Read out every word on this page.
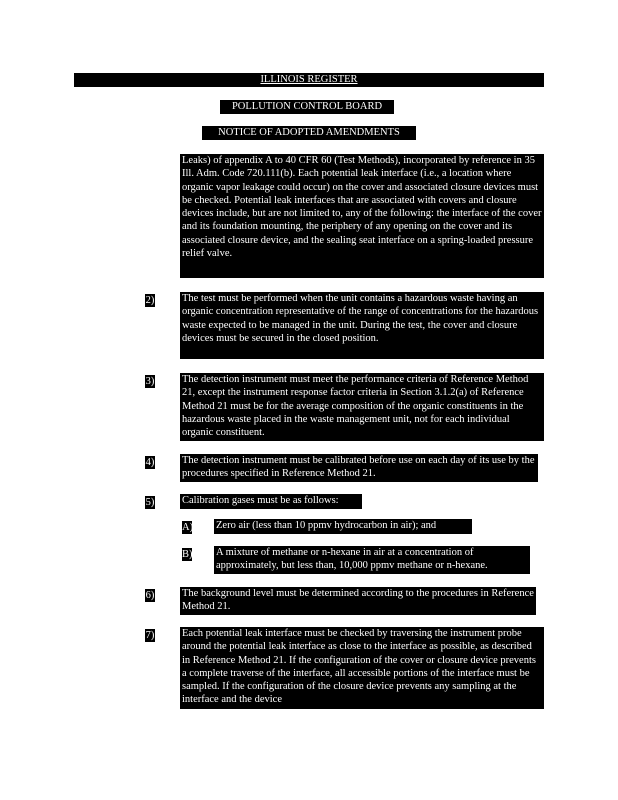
ILLINOIS REGISTER
POLLUTION CONTROL BOARD
NOTICE OF ADOPTED AMENDMENTS
Leaks) of appendix A to 40 CFR 60 (Test Methods), incorporated by reference in 35 Ill. Adm. Code 720.111(b). Each potential leak interface (i.e., a location where organic vapor leakage could occur) on the cover and associated closure devices must be checked. Potential leak interfaces that are associated with covers and closure devices include, but are not limited to, any of the following: the interface of the cover and its foundation mounting, the periphery of any opening on the cover and its associated closure device, and the sealing seat interface on a spring-loaded pressure relief valve.
2)	The test must be performed when the unit contains a hazardous waste having an organic concentration representative of the range of concentrations for the hazardous waste expected to be managed in the unit. During the test, the cover and closure devices must be secured in the closed position.
3)	The detection instrument must meet the performance criteria of Reference Method 21, except the instrument response factor criteria in Section 3.1.2(a) of Reference Method 21 must be for the average composition of the organic constituents in the hazardous waste placed in the waste management unit, not for each individual organic constituent.
4)	The detection instrument must be calibrated before use on each day of its use by the procedures specified in Reference Method 21.
5)	Calibration gases must be as follows:
A) Zero air (less than 10 ppmv hydrocarbon in air); and
B) A mixture of methane or n-hexane in air at a concentration of approximately, but less than, 10,000 ppmv methane or n-hexane.
6)	The background level must be determined according to the procedures in Reference Method 21.
7)	Each potential leak interface must be checked by traversing the instrument probe around the potential leak interface as close to the interface as possible, as described in Reference Method 21. If the configuration of the cover or closure device prevents a complete traverse of the interface, all accessible portions of the interface must be sampled. If the configuration of the closure device prevents any sampling at the interface and the device
